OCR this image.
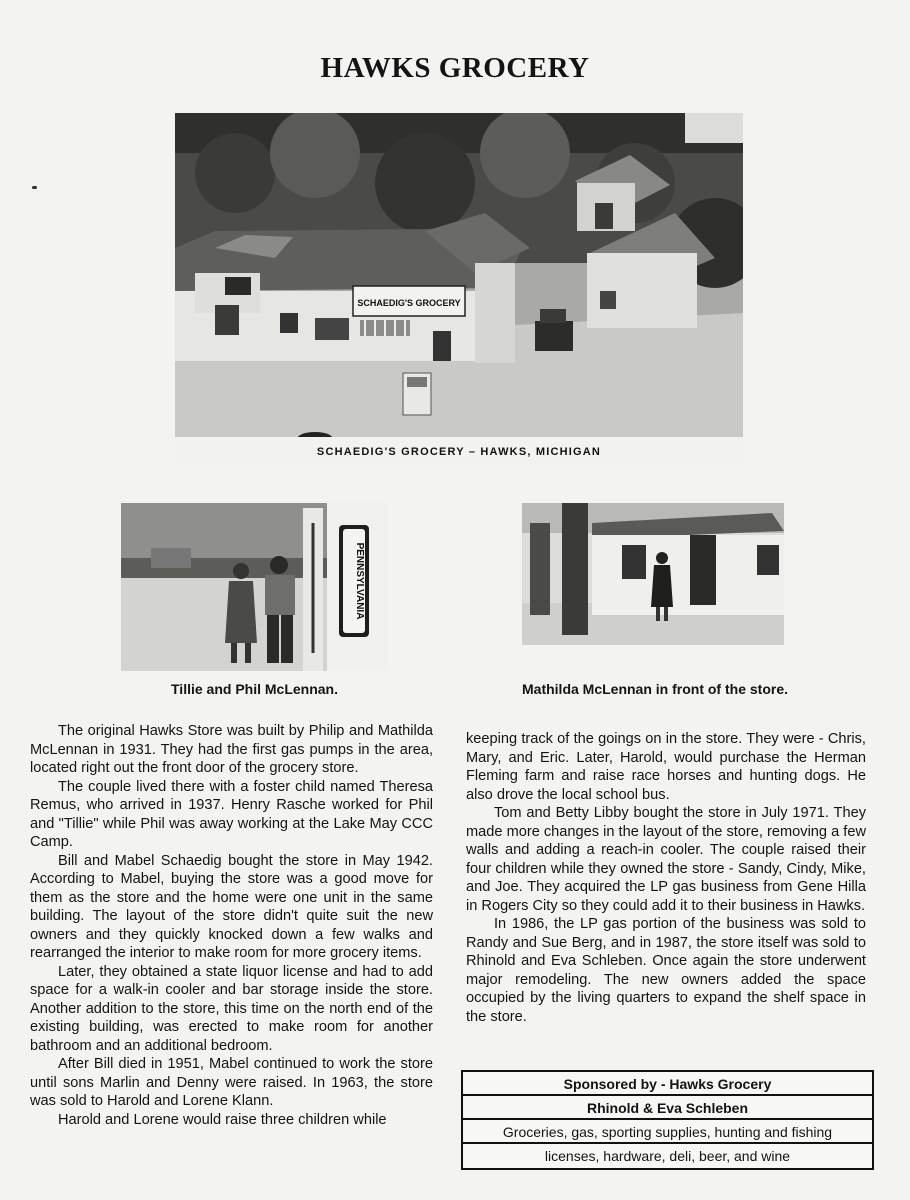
HAWKS GROCERY
SCHAEDIG'S GROCERY
SCHAEDIG'S GROCERY – HAWKS, MICHIGAN
PENNSYLVANIA
Tillie and Phil McLennan.	Mathilda McLennan in front of the store.

The original Hawks Store was built by Philip and Mathilda McLennan in 1931. They had the first gas pumps in the area, located right out the front door of the grocery store.

The couple lived there with a foster child named Theresa Remus, who arrived in 1937. Henry Rasche worked for Phil and "Tillie" while Phil was away working at the Lake May CCC Camp.

Bill and Mabel Schaedig bought the store in May 1942. According to Mabel, buying the store was a good move for them as the store and the home were one unit in the same building. The layout of the store didn't quite suit the new owners and they quickly knocked down a few walks and rearranged the interior to make room for more grocery items.

Later, they obtained a state liquor license and had to add space for a walk-in cooler and bar storage inside the store. Another addition to the store, this time on the north end of the existing building, was erected to make room for another bathroom and an additional bedroom.

After Bill died in 1951, Mabel continued to work the store until sons Marlin and Denny were raised. In 1963, the store was sold to Harold and Lorene Klann.

Harold and Lorene would raise three children while

keeping track of the goings on in the store. They were - Chris, Mary, and Eric. Later, Harold, would purchase the Herman Fleming farm and raise race horses and hunting dogs. He also drove the local school bus.

Tom and Betty Libby bought the store in July 1971. They made more changes in the layout of the store, removing a few walls and adding a reach-in cooler. The couple raised their four children while they owned the store - Sandy, Cindy, Mike, and Joe. They acquired the LP gas business from Gene Hilla in Rogers City so they could add it to their business in Hawks.

In 1986, the LP gas portion of the business was sold to Randy and Sue Berg, and in 1987, the store itself was sold to Rhinold and Eva Schleben. Once again the store underwent major remodeling. The new owners added the space occupied by the living quarters to expand the shelf space in the store.

Sponsored by - Hawks Grocery
Rhinold & Eva Schleben
Groceries, gas, sporting supplies, hunting and fishing
licenses, hardware, deli, beer, and wine
